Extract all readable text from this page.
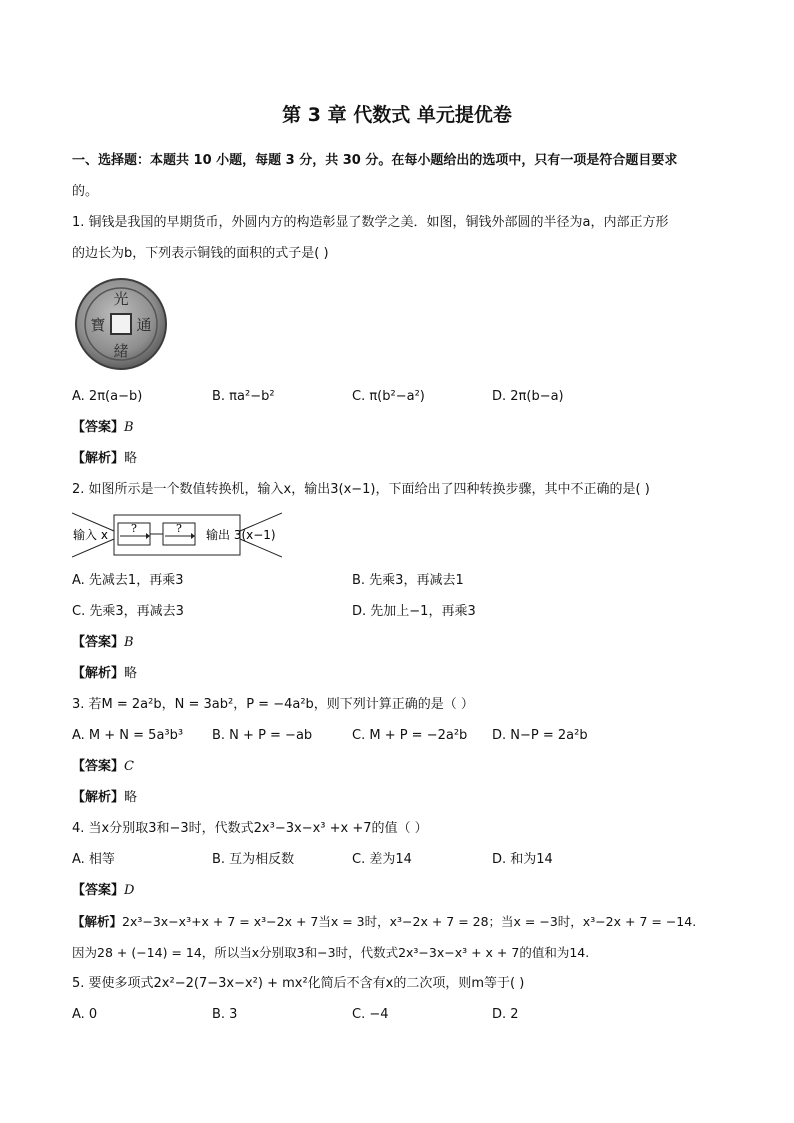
第 3 章 代数式 单元提优卷

一、选择题：本题共 10 小题，每题 3 分，共 30 分。在每小题给出的选项中，只有一项是符合题目要求
的。

1. 铜钱是我国的早期货币，外圆内方的构造彰显了数学之美．如图，铜钱外部圆的半径为a，内部正方形
的边长为b，下列表示铜钱的面积的式子是( )

光
通
緒
寶
A. 2π(a−b)	B. πa²−b²	C. π(b²−a²)	D. 2π(b−a)

【答案】B

【解析】略

2. 如图所示是一个数值转换机，输入x，输出3(x−1)，下面给出了四种转换步骤，其中不正确的是( )

?	?
输入 x	输出 3(x−1)
A. 先减去1，再乘3	B. 先乘3，再减去1
C. 先乘3，再减去3	D. 先加上−1，再乘3

【答案】B

【解析】略

3. 若M = 2a²b，N = 3ab²，P = −4a²b，则下列计算正确的是（ ）

A. M + N = 5a³b³	B. N + P = −ab	C. M + P = −2a²b	D. N−P = 2a²b

【答案】C

【解析】略

4. 当x分别取3和−3时，代数式2x³−3x−x³ +x +7的值（ ）

A. 相等	B. 互为相反数	C. 差为14	D. 和为14

【答案】D

【解析】2x³−3x−x³+x + 7 = x³−2x + 7当x = 3时，x³−2x + 7 = 28；当x = −3时，x³−2x + 7 = −14.
因为28 + (−14) = 14，所以当x分别取3和−3时，代数式2x³−3x−x³ + x + 7的值和为14.

5. 要使多项式2x²−2(7−3x−x²) + mx²化简后不含有x的二次项，则m等于( )

A. 0	B. 3	C. −4	D. 2
